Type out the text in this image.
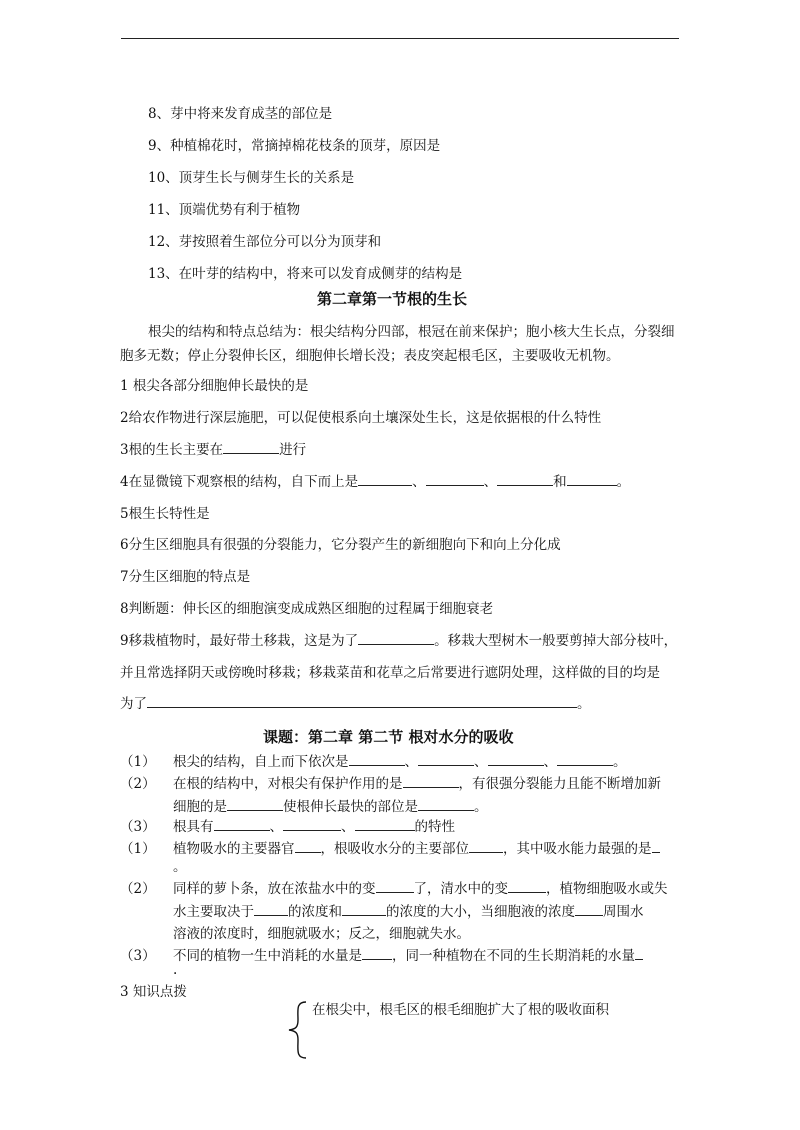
8、芽中将来发育成茎的部位是
9、种植棉花时，常摘掉棉花枝条的顶芽，原因是
10、顶芽生长与侧芽生长的关系是
11、顶端优势有利于植物
12、芽按照着生部位分可以分为顶芽和
13、在叶芽的结构中，将来可以发育成侧芽的结构是
第二章第一节根的生长
根尖的结构和特点总结为：根尖结构分四部，根冠在前来保护；胞小核大生长点，分裂细
胞多无数；停止分裂伸长区，细胞伸长增长没；表皮突起根毛区，主要吸收无机物。
1 根尖各部分细胞伸长最快的是
2给农作物进行深层施肥，可以促使根系向土壤深处生长，这是依据根的什么特性
3根的生长主要在	进行
4在显微镜下观察根的结构，自下而上是	、	、	和	。
5根生长特性是
6分生区细胞具有很强的分裂能力，它分裂产生的新细胞向下和向上分化成
7分生区细胞的特点是
8判断题：伸长区的细胞演变成成熟区细胞的过程属于细胞衰老
9移栽植物时，最好带土移栽，这是为了	。移栽大型树木一般要剪掉大部分枝叶，
并且常选择阴天或傍晚时移栽；移栽菜苗和花草之后常要进行遮阴处理，这样做的目的均是
为了	。
课题：第二章 第二节 根对水分的吸收
（1） 根尖的结构，自上而下依次是	、	、	、	。
（2） 在根的结构中，对根尖有保护作用的是	，有很强分裂能力且能不断增加新
细胞的是	使根伸长最快的部位是	。
（3） 根具有	、	、	的特性
（1） 植物吸水的主要器官 ，根吸收水分的主要部位	，其中吸水能力最强的是
。
（2） 同样的萝卜条，放在浓盐水中的变	了，清水中的变	，植物细胞吸水或失
水主要取决于	的浓度和	的浓度的大小，当细胞液的浓度 周围水
溶液的浓度时，细胞就吸水；反之，细胞就失水。
（3） 不同的植物一生中消耗的水量是 ，同一种植物在不同的生长期消耗的水量
.
3 知识点拨
在根尖中，根毛区的根毛细胞扩大了根的吸收面积
